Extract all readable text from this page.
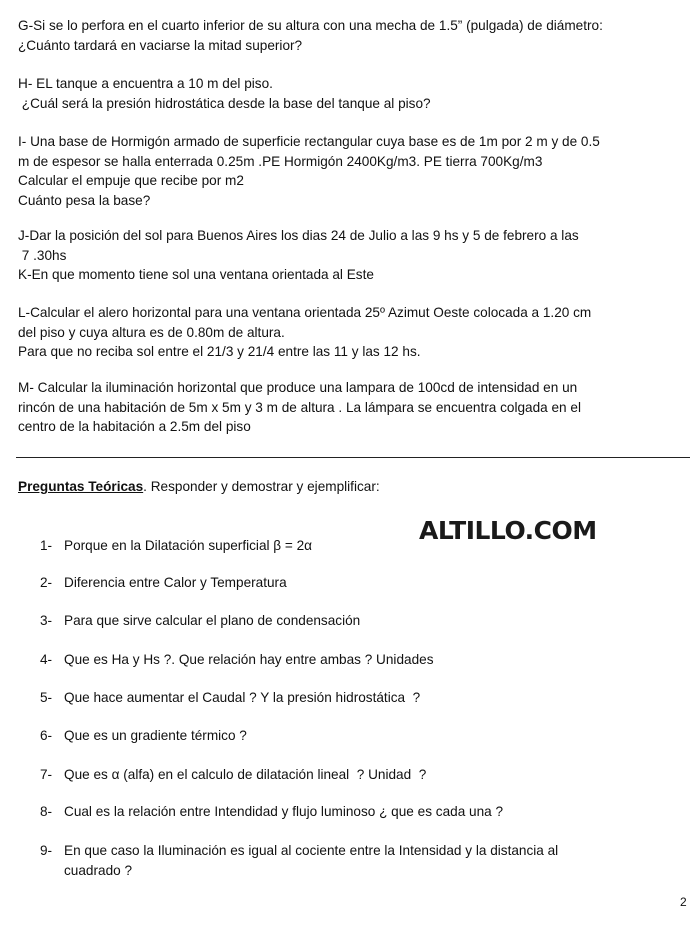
G-Si se lo perfora en el cuarto inferior de su altura con una mecha de 1.5” (pulgada) de diámetro:
¿Cuánto tardará en vaciarse la mitad superior?
H- EL tanque a encuentra a 10 m del piso.
¿Cuál será la presión hidrostática desde la base del tanque al piso?
I- Una base de Hormigón armado de superficie rectangular cuya base es de 1m por 2 m y de 0.5
m de espesor se halla enterrada 0.25m .PE Hormigón 2400Kg/m3. PE tierra 700Kg/m3
Calcular el empuje que recibe por m2
Cuánto pesa la base?
J-Dar la posición del sol para Buenos Aires los dias 24 de Julio a las 9 hs y 5 de febrero a las
7 .30hs
K-En que momento tiene sol una ventana orientada al Este
L-Calcular el alero horizontal para una ventana orientada 25º Azimut Oeste colocada a 1.20 cm
del piso y cuya altura es de 0.80m de altura.
Para que no reciba sol entre el 21/3 y 21/4 entre las 11 y las 12 hs.
M- Calcular la iluminación horizontal que produce una lampara de 100cd de intensidad en un
rincón de una habitación de 5m x 5m y 3 m de altura . La lámpara se encuentra colgada en el
centro de la habitación a 2.5m del piso
Preguntas Teóricas. Responder y demostrar y ejemplificar:
ALTILLO.COM
1- Porque en la Dilatación superficial β = 2α
2- Diferencia entre Calor y Temperatura
3- Para que sirve calcular el plano de condensación
4- Que es Ha y Hs ?. Que relación hay entre ambas ? Unidades
5- Que hace aumentar el Caudal ? Y la presión hidrostática  ?
6- Que es un gradiente térmico ?
7- Que es α (alfa) en el calculo de dilatación lineal  ? Unidad  ?
8- Cual es la relación entre Intendidad y flujo luminoso ¿ que es cada una ?
9- En que caso la Iluminación es igual al cociente entre la Intensidad y la distancia al
cuadrado ?
2
